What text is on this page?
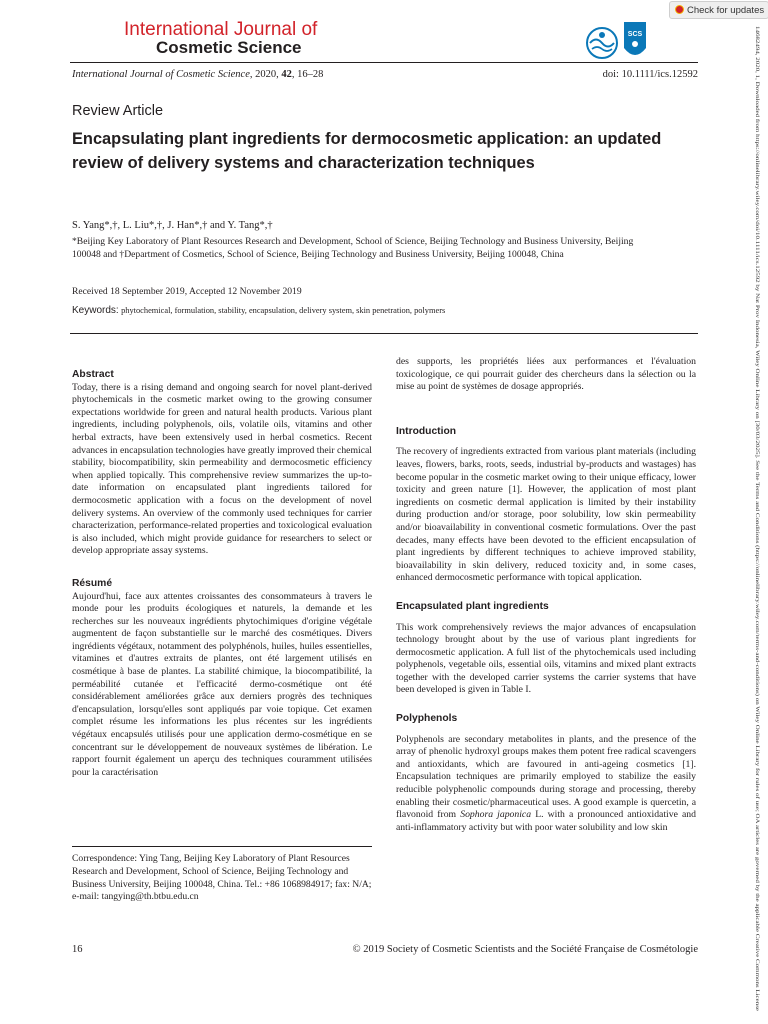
International Journal of
Cosmetic Science
SCS
Check for updates
International Journal of Cosmetic Science, 2020, 42, 16–28	doi: 10.1111/ics.12592
Review Article
Encapsulating plant ingredients for dermocosmetic application: an updated review of delivery systems and characterization techniques
S. Yang*,†, L. Liu*,†, J. Han*,† and Y. Tang*,†
*Beijing Key Laboratory of Plant Resources Research and Development, School of Science, Beijing Technology and Business University, Beijing
100048 and †Department of Cosmetics, School of Science, Beijing Technology and Business University, Beijing 100048, China
Received 18 September 2019, Accepted 12 November 2019
Keywords: phytochemical, formulation, stability, encapsulation, delivery system, skin penetration, polymers
Abstract
Today, there is a rising demand and ongoing search for novel plant-derived phytochemicals in the cosmetic market owing to the growing consumer expectations worldwide for green and natural health products. Various plant ingredients, including polyphenols, oils, volatile oils, vitamins and other herbal extracts, have been extensively used in herbal cosmetics. Recent advances in encapsulation technologies have greatly improved their chemical stability, biocompatibility, skin permeability and dermocosmetic efficiency when applied topically. This comprehensive review summarizes the up-to-date information on encapsulated plant ingredients tailored for dermocosmetic application with a focus on the development of novel delivery systems. An overview of the commonly used techniques for carrier characterization, performance-related properties and toxicological evaluation is also included, which might provide guidance for researchers to select or develop appropriate assay systems.
Résumé
Aujourd'hui, face aux attentes croissantes des consommateurs à travers le monde pour les produits écologiques et naturels, la demande et les recherches sur les nouveaux ingrédients phytochimiques d'origine végétale augmentent de façon substantielle sur le marché des cosmétiques. Divers ingrédients végétaux, notamment des polyphénols, huiles, huiles essentielles, vitamines et d'autres extraits de plantes, ont été largement utilisés en cosmétique à base de plantes. La stabilité chimique, la biocompatibilité, la perméabilité cutanée et l'efficacité dermo-cosmétique ont été considérablement améliorées grâce aux derniers progrès des techniques d'encapsulation, lorsqu'elles sont appliqués par voie topique. Cet examen complet résume les informations les plus récentes sur les ingrédients végétaux encapsulés utilisés pour une application dermo-cosmétique en se concentrant sur le développement de nouveaux systèmes de libération. Le rapport fournit également un aperçu des techniques couramment utilisées pour la caractérisation
Correspondence: Ying Tang, Beijing Key Laboratory of Plant Resources Research and Development, School of Science, Beijing Technology and Business University, Beijing 100048, China. Tel.: +86 1068984917; fax: N/A; e-mail: tangying@th.btbu.edu.cn
des supports, les propriétés liées aux performances et l'évaluation toxicologique, ce qui pourrait guider des chercheurs dans la sélection ou la mise au point de systèmes de dosage appropriés.
Introduction
The recovery of ingredients extracted from various plant materials (including leaves, flowers, barks, roots, seeds, industrial by-products and wastages) has become popular in the cosmetic market owing to their unique efficacy, lower toxicity and green nature [1]. However, the application of most plant ingredients on cosmetic dermal application is limited by their instability during production and/or storage, poor solubility, low skin permeability and/or bioavailability in conventional cosmetic formulations. Over the past decades, many effects have been devoted to the efficient encapsulation of plant ingredients by different techniques to achieve improved stability, bioavailability in skin delivery, reduced toxicity and, in some cases, enhanced dermocosmetic performance with topical application.
Encapsulated plant ingredients
This work comprehensively reviews the major advances of encapsulation technology brought about by the use of various plant ingredients for dermocosmetic application. A full list of the phytochemicals used including polyphenols, vegetable oils, essential oils, vitamins and mixed plant extracts together with the developed carrier systems the carrier systems that have been developed is given in Table I.
Polyphenols
Polyphenols are secondary metabolites in plants, and the presence of the array of phenolic hydroxyl groups makes them potent free radical scavengers and antioxidants, which are favoured in anti-ageing cosmetics [1]. Encapsulation techniques are primarily employed to stabilize the easily reducible polyphenolic compounds during storage and processing, thereby enabling their cosmetic/pharmaceutical uses. A good example is quercetin, a flavonoid from Sophora japonica L. with a pronounced antioxidative and anti-inflammatory activity but with poor water solubility and low skin
16	© 2019 Society of Cosmetic Scientists and the Société Française de Cosmétologie
14682494, 2020, 1, Downloaded from https://onlinelibrary.wiley.com/doi/10.1111/ics.12592 by Nat Prov Indonesia, Wiley Online Library on [30/03/2025]. See the Terms and Conditions (https://onlinelibrary.wiley.com/terms-and-conditions) on Wiley Online Library for rules of use; OA articles are governed by the applicable Creative Commons License
